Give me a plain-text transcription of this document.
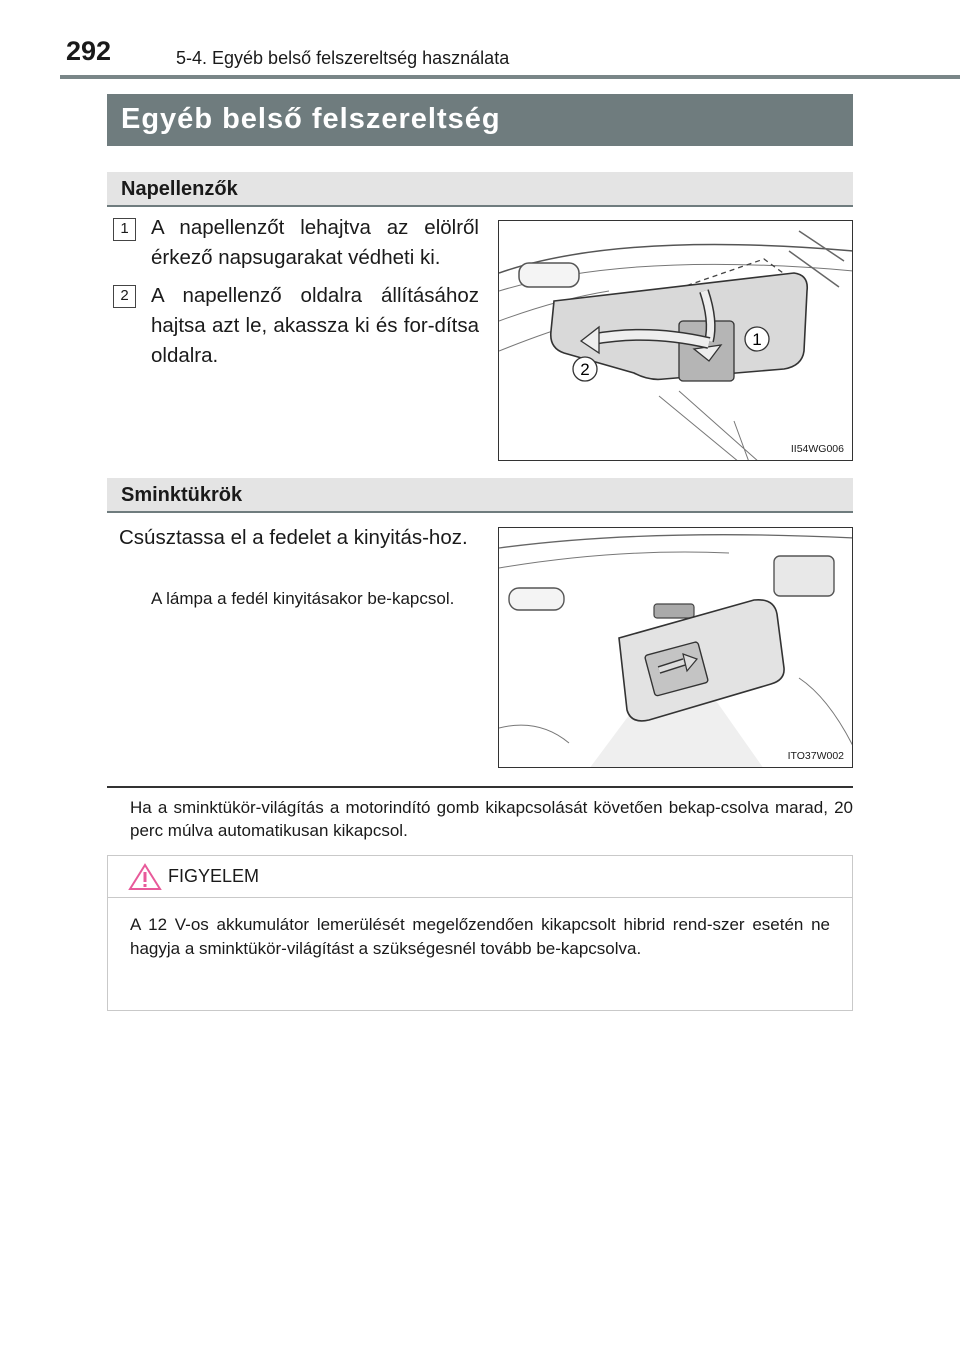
292	5-4. Egyéb belső felszereltség használata
Egyéb belső felszereltség
Napellenzők
1	A napellenzőt lehajtva az elölről érkező napsugarakat védheti ki.
2	A napellenző oldalra állításához hajtsa azt le, akassza ki és for-dítsa oldalra.
1
2
II54WG006
Sminktükrök
Csúsztassa el a fedelet a kinyitás-hoz.
A lámpa a fedél kinyitásakor be-kapcsol.
ITO37W002
Ha a sminktükör-világítás a motorindító gomb kikapcsolását követően bekap-csolva marad, 20 perc múlva automatikusan kikapcsol.
FIGYELEM
A 12 V-os akkumulátor lemerülését megelőzendően kikapcsolt hibrid rend-szer esetén ne hagyja a sminktükör-világítást a szükségesnél tovább be-kapcsolva.
